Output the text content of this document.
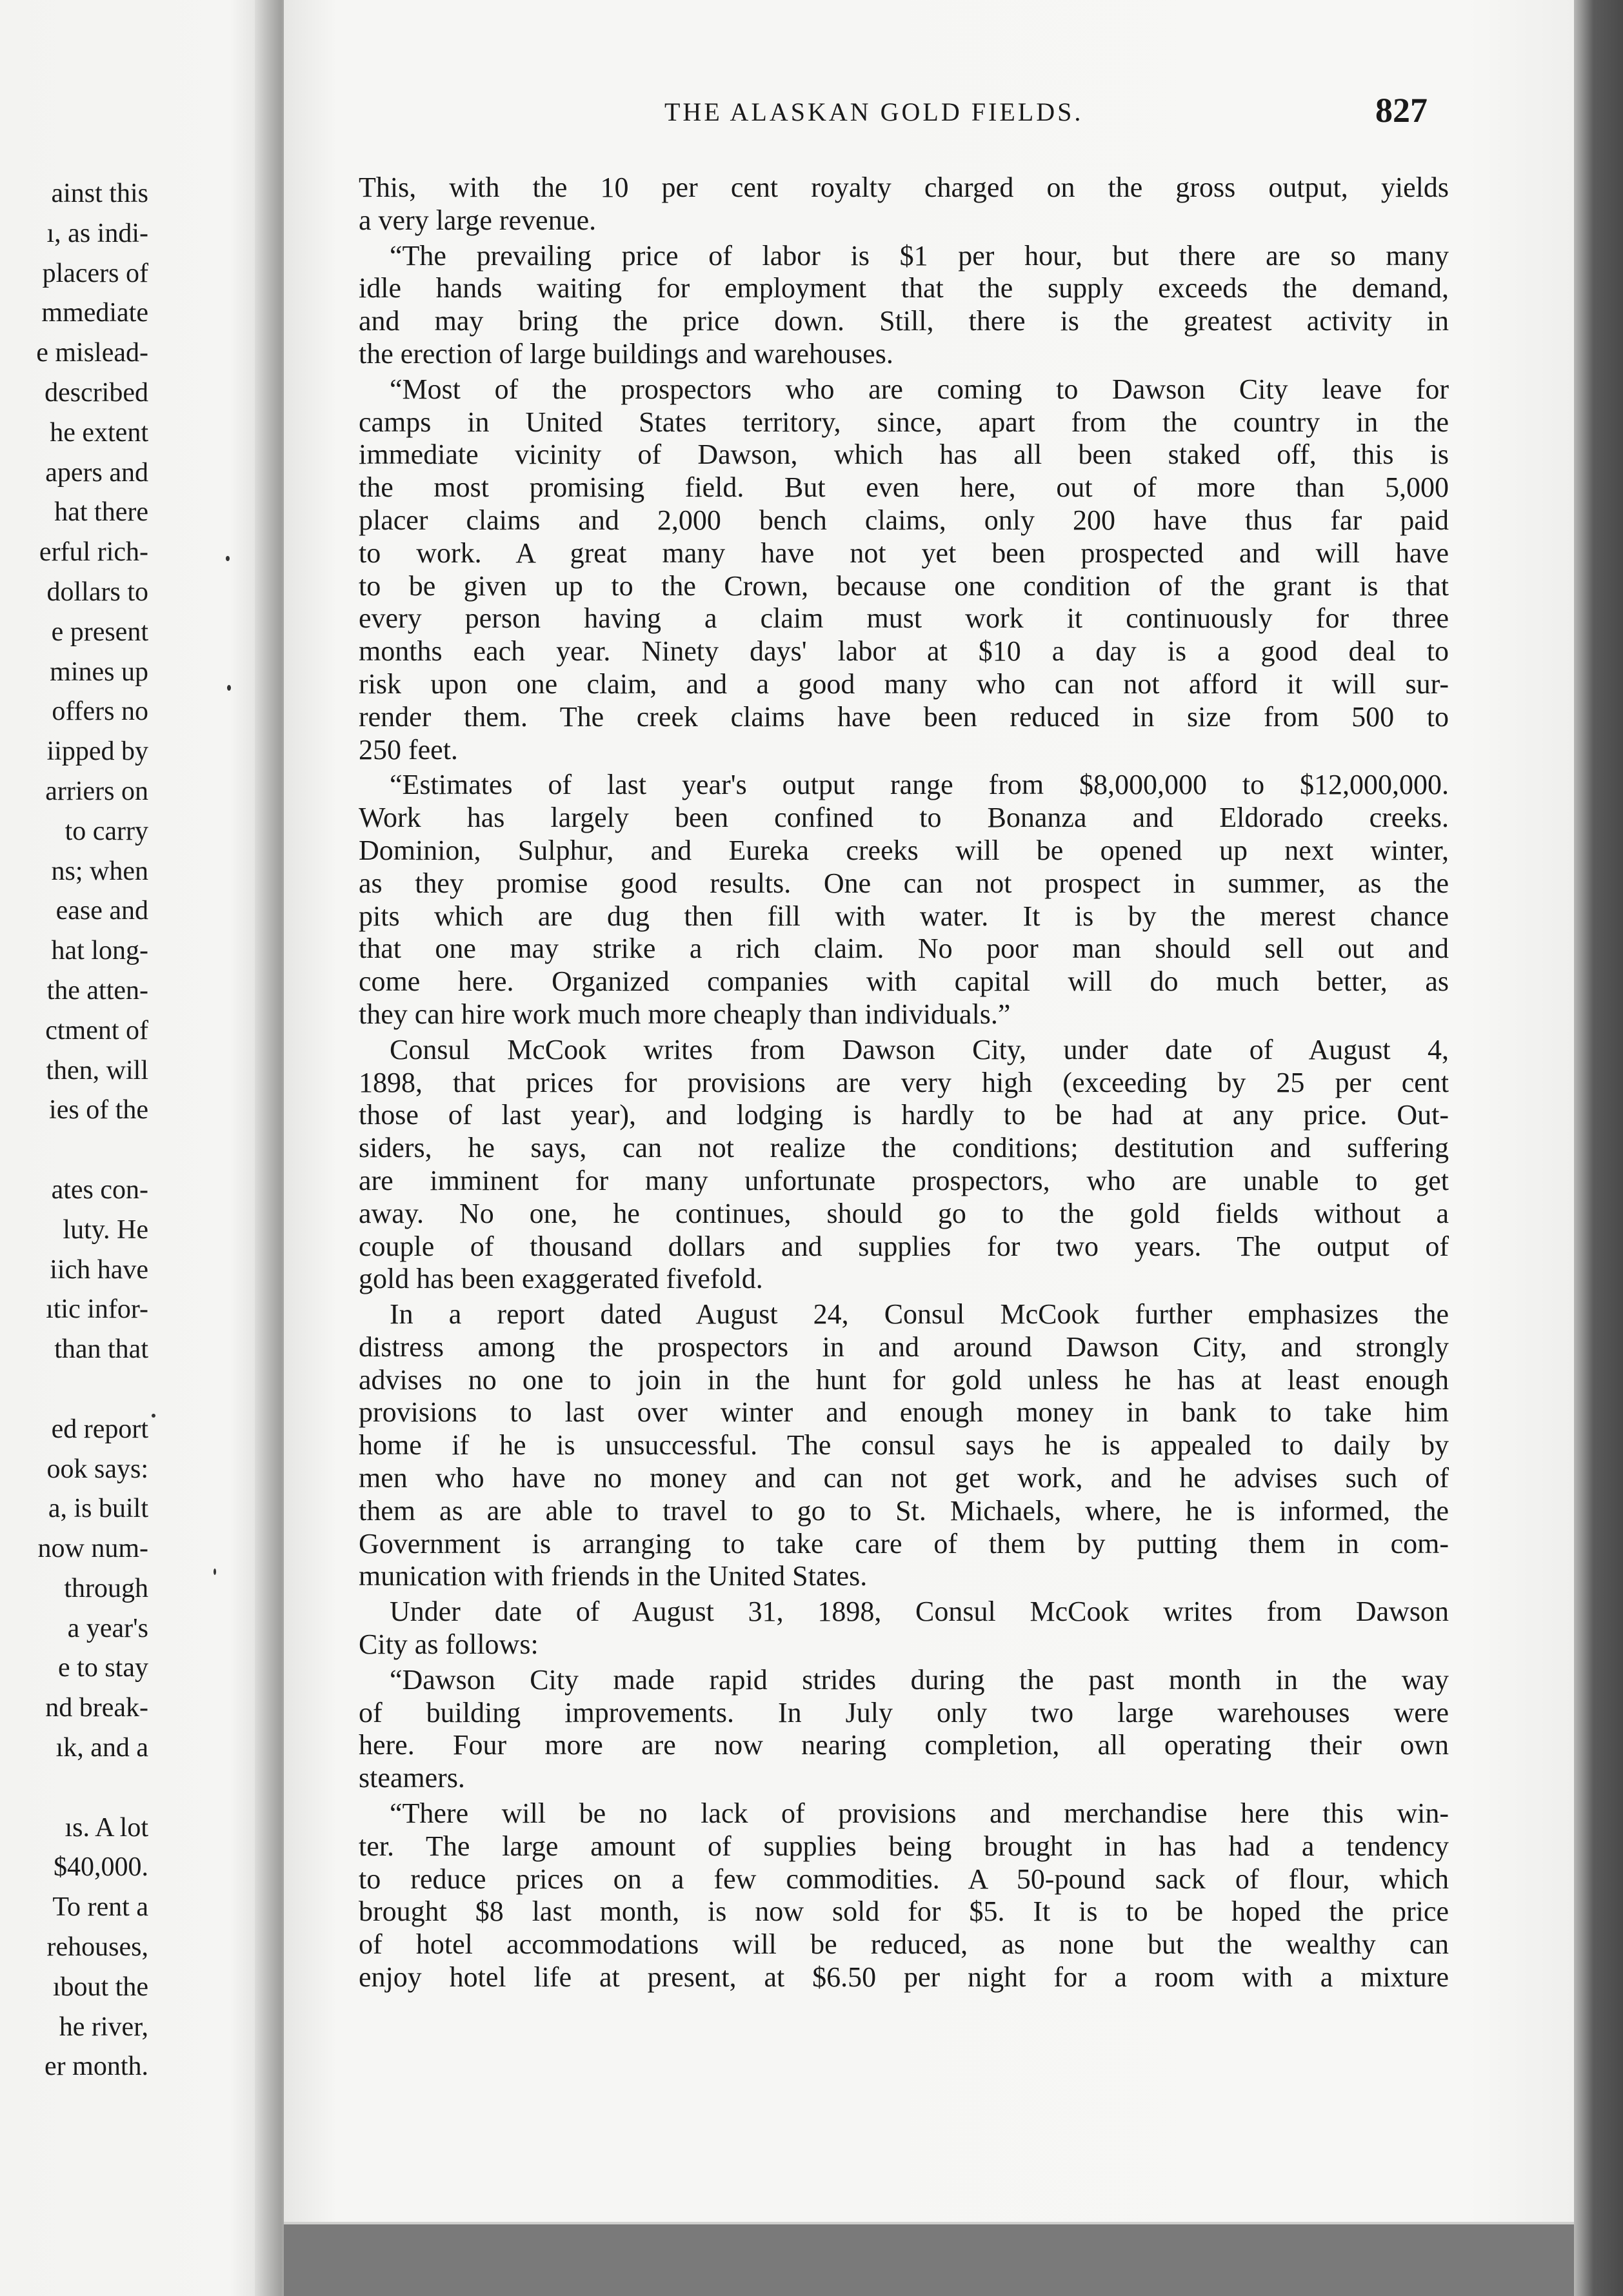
ainst this
ı, as indi-
placers of
mmediate
e mislead-
described
he extent
apers and
hat there
erful rich-
dollars to
e present
mines up
offers no
iipped by
arriers on
to carry
ns; when
ease and
hat long-
the atten-
ctment of
then, will
ies of the
ates con-
luty. He
iich have
ıtic infor-
than that
ed report
ook says:
a, is built
now num-
through
a year's
e to stay
nd break-
ık, and a
ıs. A lot
$40,000.
To rent a
rehouses,
ıbout the
he river,
er month.
THE ALASKAN GOLD FIELDS.	827
This, with the 10 per cent royalty charged on the gross output, yields
a very large revenue.
“The prevailing price of labor is $1 per hour, but there are so many
idle hands waiting for employment that the supply exceeds the demand,
and may bring the price down. Still, there is the greatest activity in
the erection of large buildings and warehouses.
“Most of the prospectors who are coming to Dawson City leave for
camps in United States territory, since, apart from the country in the
immediate vicinity of Dawson, which has all been staked off, this is
the most promising field. But even here, out of more than 5,000
placer claims and 2,000 bench claims, only 200 have thus far paid
to work. A great many have not yet been prospected and will have
to be given up to the Crown, because one condition of the grant is that
every person having a claim must work it continuously for three
months each year. Ninety days' labor at $10 a day is a good deal to
risk upon one claim, and a good many who can not afford it will sur-
render them. The creek claims have been reduced in size from 500 to
250 feet.
“Estimates of last year's output range from $8,000,000 to $12,000,000.
Work has largely been confined to Bonanza and Eldorado creeks.
Dominion, Sulphur, and Eureka creeks will be opened up next winter,
as they promise good results. One can not prospect in summer, as the
pits which are dug then fill with water. It is by the merest chance
that one may strike a rich claim. No poor man should sell out and
come here. Organized companies with capital will do much better, as
they can hire work much more cheaply than individuals.”
Consul McCook writes from Dawson City, under date of August 4,
1898, that prices for provisions are very high (exceeding by 25 per cent
those of last year), and lodging is hardly to be had at any price. Out-
siders, he says, can not realize the conditions; destitution and suffering
are imminent for many unfortunate prospectors, who are unable to get
away. No one, he continues, should go to the gold fields without a
couple of thousand dollars and supplies for two years. The output of
gold has been exaggerated fivefold.
In a report dated August 24, Consul McCook further emphasizes the
distress among the prospectors in and around Dawson City, and strongly
advises no one to join in the hunt for gold unless he has at least enough
provisions to last over winter and enough money in bank to take him
home if he is unsuccessful. The consul says he is appealed to daily by
men who have no money and can not get work, and he advises such of
them as are able to travel to go to St. Michaels, where, he is informed, the
Government is arranging to take care of them by putting them in com-
munication with friends in the United States.
Under date of August 31, 1898, Consul McCook writes from Dawson
City as follows:
“Dawson City made rapid strides during the past month in the way
of building improvements. In July only two large warehouses were
here. Four more are now nearing completion, all operating their own
steamers.
“There will be no lack of provisions and merchandise here this win-
ter. The large amount of supplies being brought in has had a tendency
to reduce prices on a few commodities. A 50-pound sack of flour, which
brought $8 last month, is now sold for $5. It is to be hoped the price
of hotel accommodations will be reduced, as none but the wealthy can
enjoy hotel life at present, at $6.50 per night for a room with a mixture
